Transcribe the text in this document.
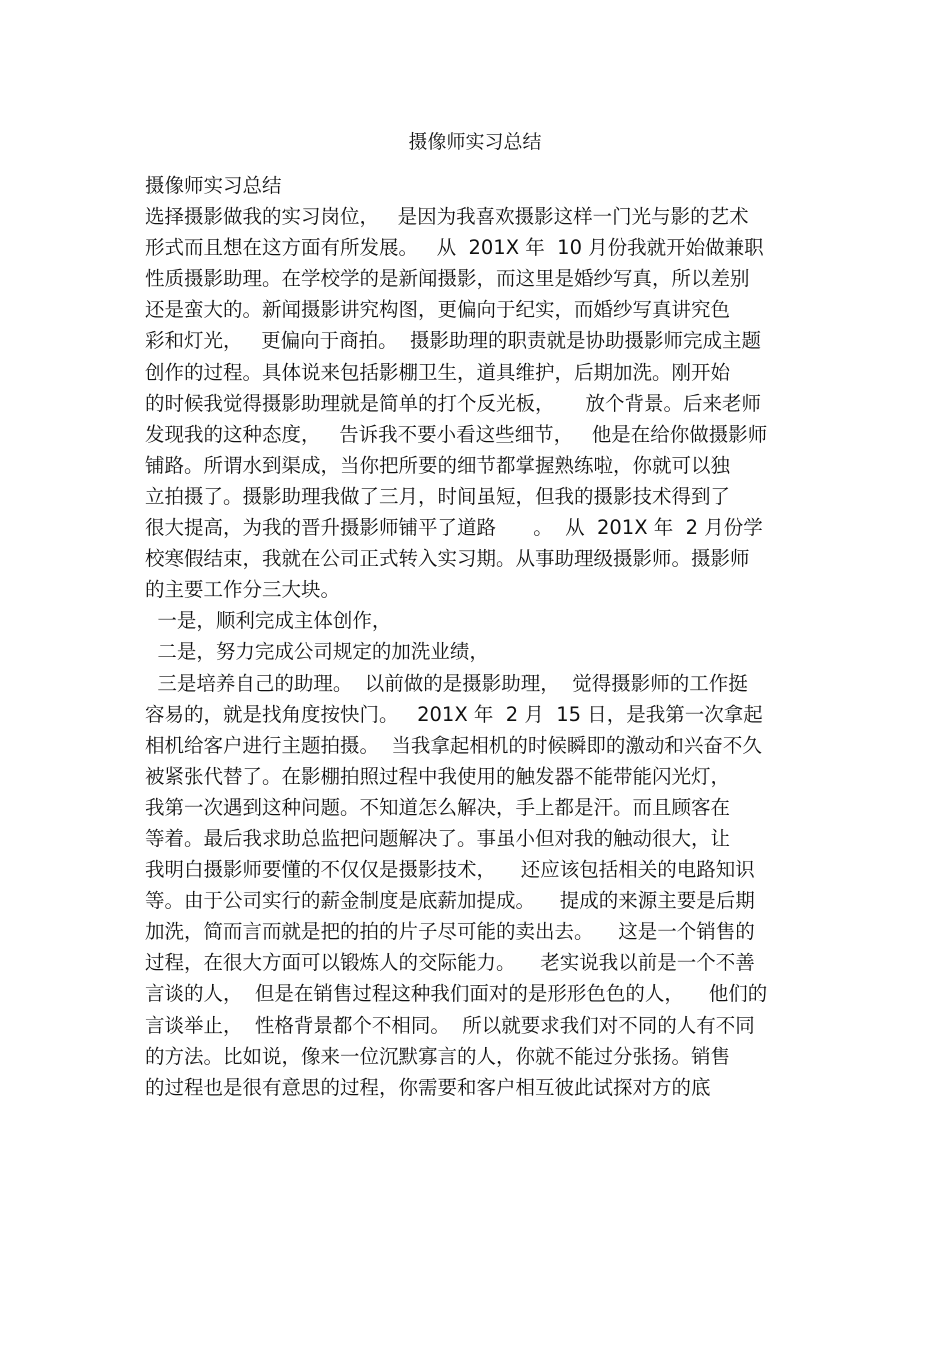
摄像师实习总结

摄像师实习总结

选择摄影做我的实习岗位，   是因为我喜欢摄影这样一门光与影的艺术

形式而且想在这方面有所发展。   从  201X 年  10 月份我就开始做兼职

性质摄影助理。在学校学的是新闻摄影，而这里是婚纱写真，所以差别

还是蛮大的。新闻摄影讲究构图，更偏向于纪实，而婚纱写真讲究色

彩和灯光，   更偏向于商拍。  摄影助理的职责就是协助摄影师完成主题

创作的过程。具体说来包括影棚卫生，道具维护，后期加洗。刚开始

的时候我觉得摄影助理就是简单的打个反光板，     放个背景。后来老师

发现我的这种态度，   告诉我不要小看这些细节，   他是在给你做摄影师

铺路。所谓水到渠成，当你把所要的细节都掌握熟练啦，你就可以独

立拍摄了。摄影助理我做了三月，时间虽短，但我的摄影技术得到了

很大提高，为我的晋升摄影师铺平了道路      。  从  201X 年  2 月份学

校寒假结束，我就在公司正式转入实习期。从事助理级摄影师。摄影师

的主要工作分三大块。

一是，顺利完成主体创作，

二是，努力完成公司规定的加洗业绩，

三是培养自己的助理。  以前做的是摄影助理，  觉得摄影师的工作挺

容易的，就是找角度按快门。   201X 年  2 月  15 日，是我第一次拿起

相机给客户进行主题拍摄。  当我拿起相机的时候瞬即的激动和兴奋不久

被紧张代替了。在影棚拍照过程中我使用的触发器不能带能闪光灯，

我第一次遇到这种问题。不知道怎么解决，手上都是汗。而且顾客在

等着。最后我求助总监把问题解决了。事虽小但对我的触动很大，让

我明白摄影师要懂的不仅仅是摄影技术，    还应该包括相关的电路知识

等。由于公司实行的薪金制度是底薪加提成。    提成的来源主要是后期

加洗，简而言而就是把的拍的片子尽可能的卖出去。    这是一个销售的

过程，在很大方面可以锻炼人的交际能力。    老实说我以前是一个不善

言谈的人，  但是在销售过程这种我们面对的是形形色色的人，    他们的

言谈举止，  性格背景都个不相同。  所以就要求我们对不同的人有不同

的方法。比如说，像来一位沉默寡言的人，你就不能过分张扬。销售

的过程也是很有意思的过程，你需要和客户相互彼此试探对方的底
